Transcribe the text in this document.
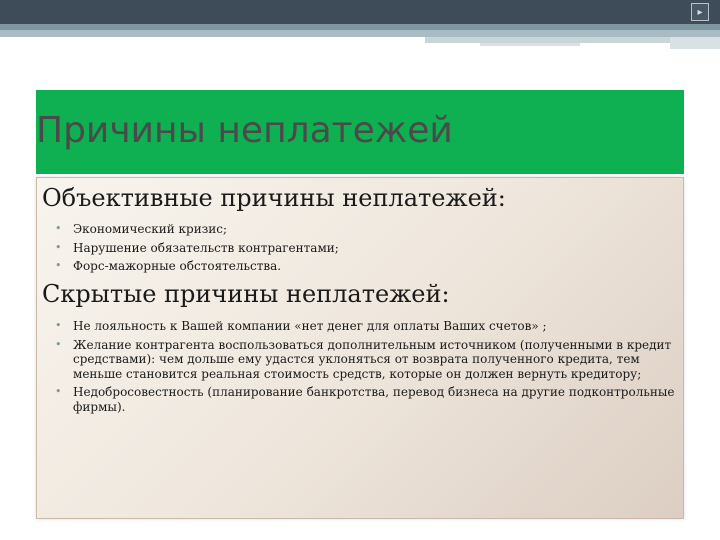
▸
Причины неплатежей
Объективные причины неплатежей:
• Экономический кризис;
• Нарушение обязательств контрагентами;
• Форс-мажорные обстоятельства.
Скрытые причины неплатежей:
• Не лояльность к Вашей компании «нет денег для оплаты Ваших счетов» ;
• Желание контрагента воспользоваться дополнительным источником (полученными в кредит средствами): чем дольше ему удастся уклоняться от возврата полученного кредита, тем меньше становится реальная стоимость средств, которые он должен вернуть кредитору;
• Недобросовестность (планирование банкротства, перевод бизнеса на другие подконтрольные фирмы).
